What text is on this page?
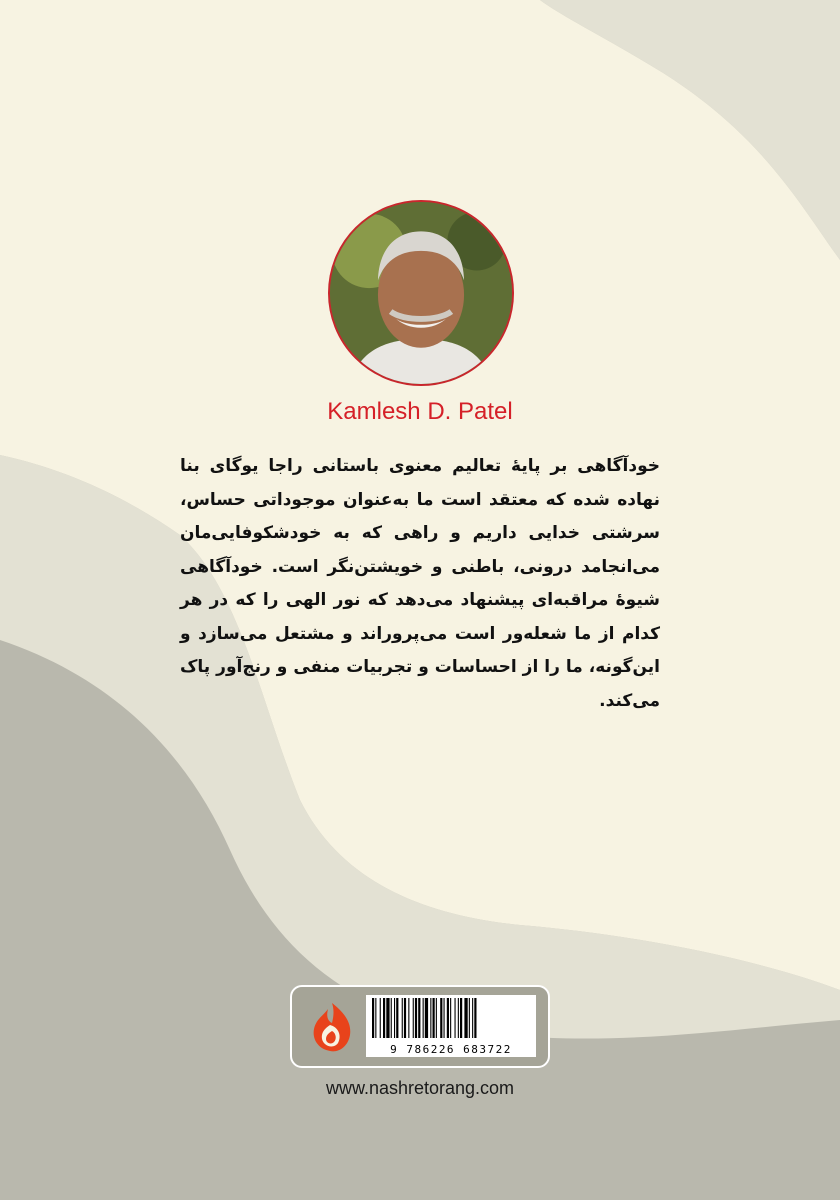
Kamlesh D. Patel

خودآگاهی بر پایهٔ تعالیم معنوی باستانی راجا یوگای بنا نهاده شده که معتقد است ما به‌عنوان موجوداتی حساس، سرشتی خدایی داریم و راهی که به خودشکوفایی‌مان می‌انجامد درونی، باطنی و خویشتن‌نگر است. خودآگاهی شیوهٔ مراقبه‌ای پیشنهاد می‌دهد که نور الهی را که در هر کدام از ما شعله‌ور است می‌پروراند و مشتعل می‌سازد و این‌گونه، ما را از احساسات و تجربیات منفی و رنج‌آور پاک می‌کند.

9 786226 683722

www.nashretorang.com
